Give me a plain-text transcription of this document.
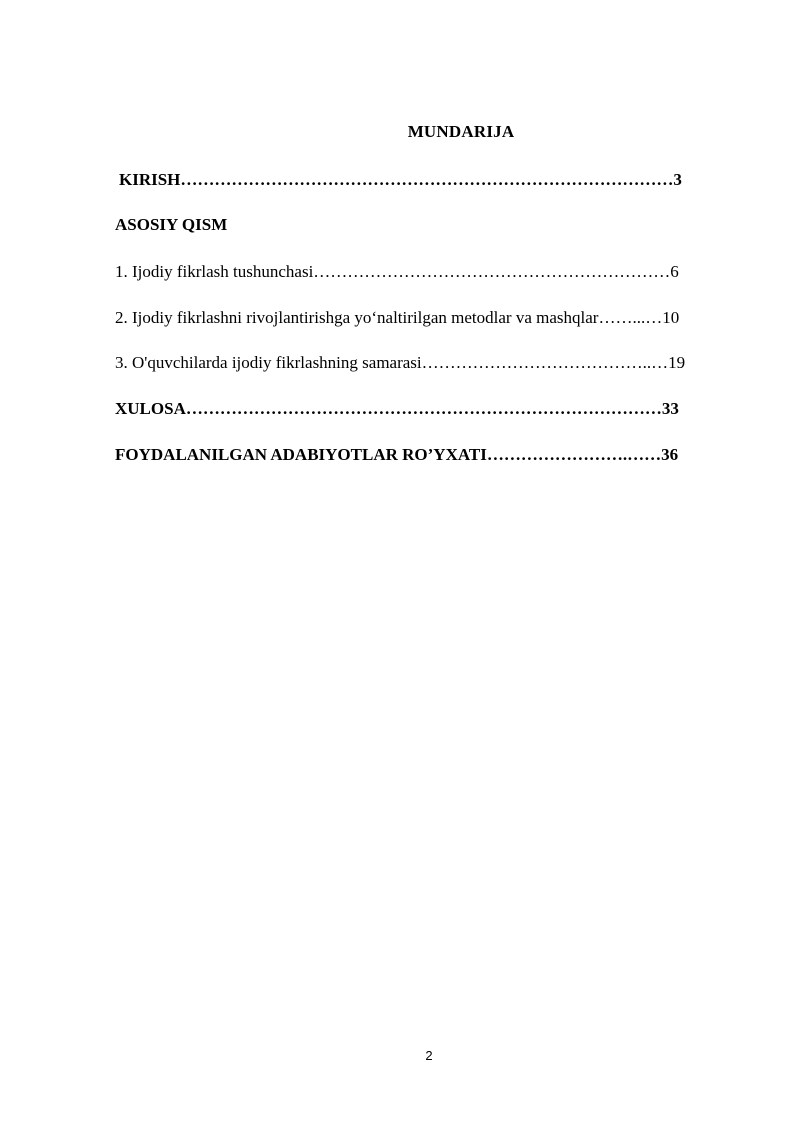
MUNDARIJA
KIRISH……………………………………………………………………………3
ASOSIY QISM
1. Ijodiy fikrlash tushunchasi………………………………………………………6
2. Ijodiy fikrlashni rivojlantirishga yo‘naltirilgan metodlar va mashqlar……...…10
3. O'quvchilarda ijodiy fikrlashning samarasi…………………………………..…19
XULOSA…………………………………………………………………………33
FOYDALANILGAN ADABIYOTLAR RO’YXATI…………………….……36
2
